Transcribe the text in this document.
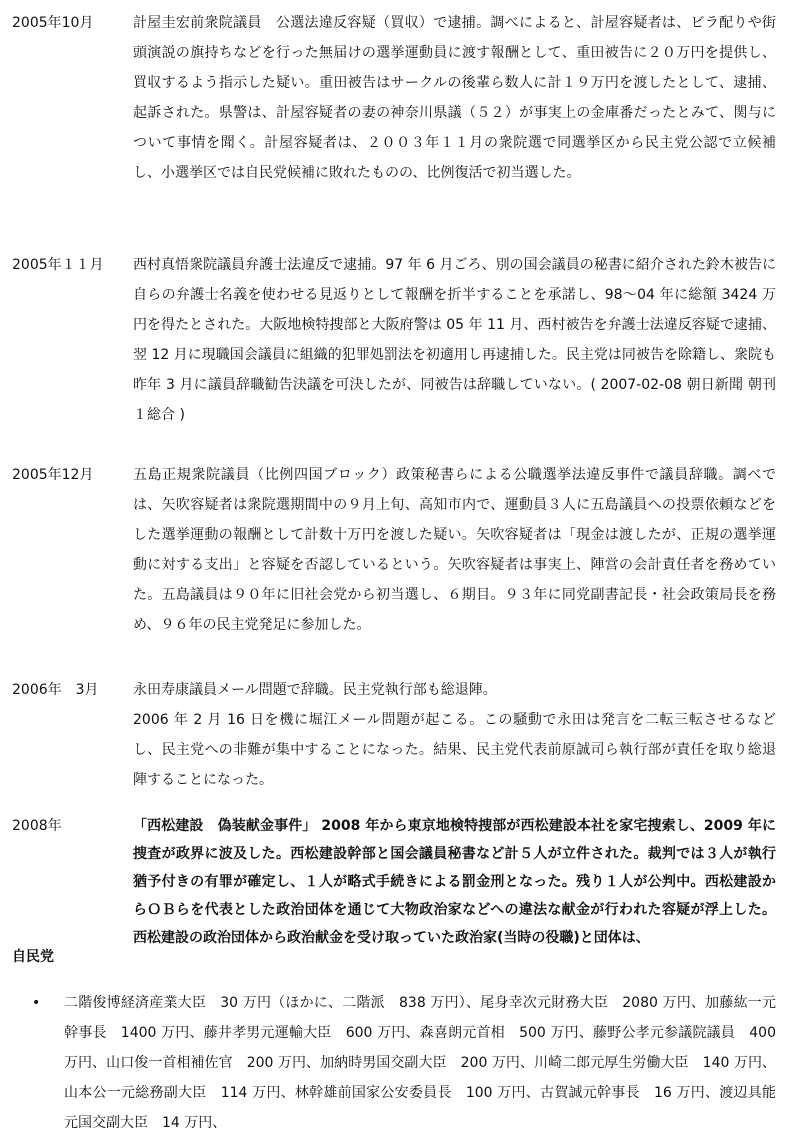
2005年10月	計屋圭宏前衆院議員　公選法違反容疑（買収）で逮捕。調べによると、計屋容疑者は、ビラ配りや街頭演説の旗持ちなどを行った無届けの選挙運動員に渡す報酬として、重田被告に２０万円を提供し、買収するよう指示した疑い。重田被告はサークルの後輩ら数人に計１９万円を渡したとして、逮捕、起訴された。県警は、計屋容疑者の妻の神奈川県議（５２）が事実上の金庫番だったとみて、関与について事情を聞く。計屋容疑者は、２００３年１１月の衆院選で同選挙区から民主党公認で立候補し、小選挙区では自民党候補に敗れたものの、比例復活で初当選した。
2005年１１月	西村真悟衆院議員弁護士法違反で逮捕。97 年 6 月ごろ、別の国会議員の秘書に紹介された鈴木被告に自らの弁護士名義を使わせる見返りとして報酬を折半することを承諾し、98〜04 年に総額 3424 万円を得たとされた。大阪地検特捜部と大阪府警は 05 年 11 月、西村被告を弁護士法違反容疑で逮捕、翌 12 月に現職国会議員に組織的犯罪処罰法を初適用し再逮捕した。民主党は同被告を除籍し、衆院も昨年 3 月に議員辞職勧告決議を可決したが、同被告は辞職していない。( 2007-02-08 朝日新聞 朝刊 １総合 )
2005年12月	五島正規衆院議員（比例四国ブロック）政策秘書らによる公職選挙法違反事件で議員辞職。調べでは、矢吹容疑者は衆院選期間中の９月上旬、高知市内で、運動員３人に五島議員への投票依頼などをした選挙運動の報酬として計数十万円を渡した疑い。矢吹容疑者は「現金は渡したが、正規の選挙運動に対する支出」と容疑を否認しているという。矢吹容疑者は事実上、陣営の会計責任者を務めていた。五島議員は９０年に旧社会党から初当選し、６期目。９３年に同党副書記長・社会政策局長を務め、９６年の民主党発足に参加した。
2006年　3月	永田寿康議員メール問題で辞職。民主党執行部も総退陣。
2006 年 2 月 16 日を機に堀江メール問題が起こる。この騒動で永田は発言を二転三転させるなどし、民主党への非難が集中することになった。結果、民主党代表前原誠司ら執行部が責任を取り総退陣することになった。
2008年	「西松建設　偽装献金事件」 2008 年から東京地検特捜部が西松建設本社を家宅捜索し、2009 年に捜査が政界に波及した。西松建設幹部と国会議員秘書など計５人が立件された。裁判では３人が執行猶予付きの有罪が確定し、１人が略式手続きによる罰金刑となった。残り１人が公判中。西松建設からＯＢらを代表とした政治団体を通じて大物政治家などへの違法な献金が行われた容疑が浮上した。西松建設の政治団体から政治献金を受け取っていた政治家(当時の役職)と団体は、
自民党
• 二階俊博経済産業大臣　30 万円（ほかに、二階派　838 万円）、尾身幸次元財務大臣　2080 万円、加藤紘一元幹事長　1400 万円、藤井孝男元運輸大臣　600 万円、森喜朗元首相　500 万円、藤野公孝元参議院議員　400 万円、山口俊一首相補佐官　200 万円、加納時男国交副大臣　200 万円、川崎二郎元厚生労働大臣　140 万円、山本公一元総務副大臣　114 万円、林幹雄前国家公安委員長　100 万円、古賀誠元幹事長　16 万円、渡辺具能元国交副大臣　14 万円、
